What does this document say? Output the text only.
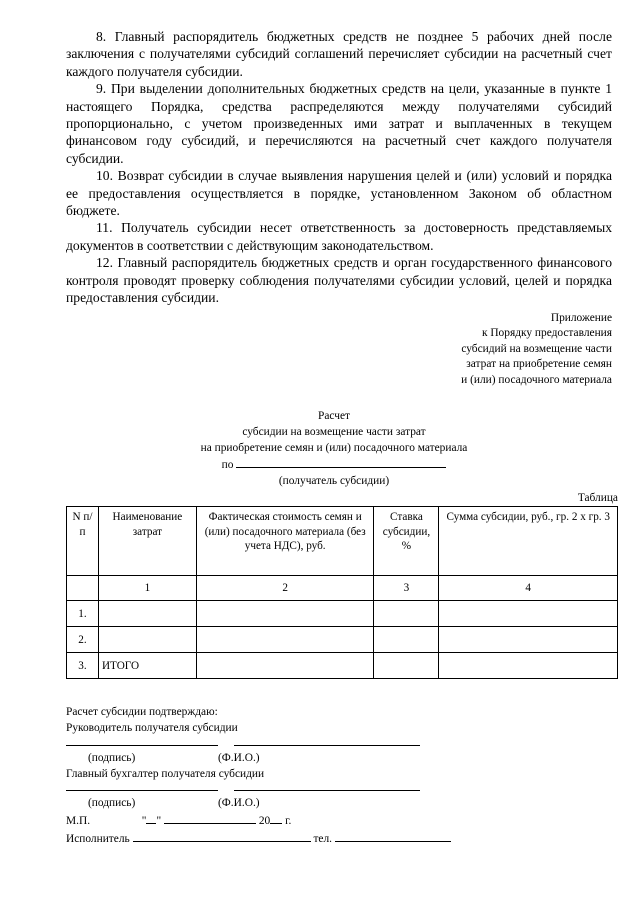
8. Главный распорядитель бюджетных средств не позднее 5 рабочих дней после заключения с получателями субсидий соглашений перечисляет субсидии на расчетный счет каждого получателя субсидии.

9. При выделении дополнительных бюджетных средств на цели, указанные в пункте 1 настоящего Порядка, средства распределяются между получателями субсидий пропорционально, с учетом произведенных ими затрат и выплаченных в текущем финансовом году субсидий, и перечисляются на расчетный счет каждого получателя субсидии.

10. Возврат субсидии в случае выявления нарушения целей и (или) условий и порядка ее предоставления осуществляется в порядке, установленном Законом об областном бюджете.

11. Получатель субсидии несет ответственность за достоверность представляемых документов в соответствии с действующим законодательством.

12. Главный распорядитель бюджетных средств и орган государственного финансового контроля проводят проверку соблюдения получателями субсидии условий, целей и порядка предоставления субсидии.

Приложение
к Порядку предоставления
субсидий на возмещение части
затрат на приобретение семян
и (или) посадочного материала
Расчет
субсидии на возмещение части затрат
на приобретение семян и (или) посадочного материала
по
(получатель субсидии)
Таблица
N п/п	Наименование затрат	Фактическая стоимость семян и (или) посадочного материала (без учета НДС), руб.	Ставка субсидии, %	Сумма субсидии, руб., гр. 2 x гр. 3
	1	2	3	4
1.				
2.				
3.	ИТОГО			
Расчет субсидии подтверждаю:
Руководитель получателя субсидии
(подпись)	(Ф.И.О.)
Главный бухгалтер получателя субсидии
(подпись)	(Ф.И.О.)
М.П.	" "	20 г.
Исполнитель	тел.
